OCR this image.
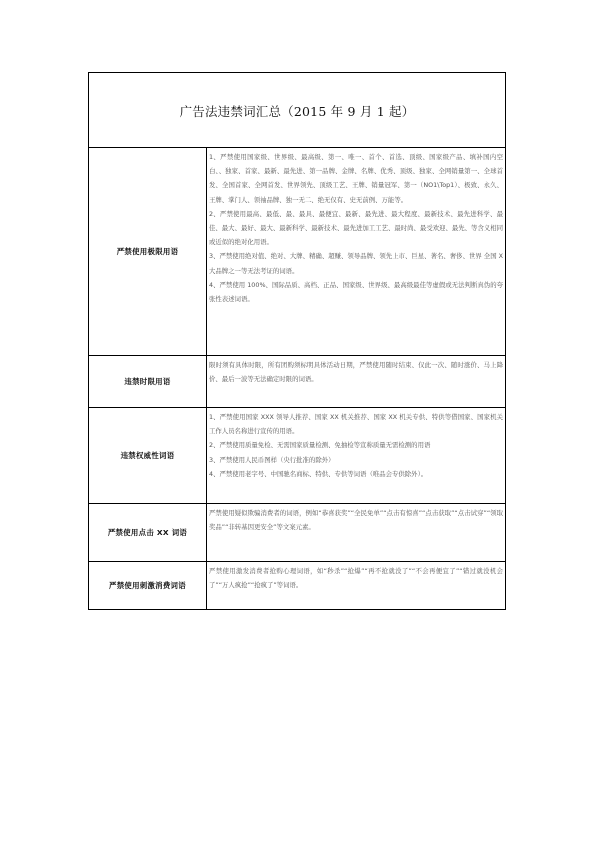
广告法违禁词汇总（2015 年 9 月 1 起）	
严禁使用极限用语	1、严禁使用国家级、世界级、最高级、第一、唯一、首个、首选、顶级、国家级产品、填补国内空白、、独家、首家、最新、最先进、第一品牌、金牌、名牌、优秀、顶级、独家、全网销量第一、全球首发、全国首家、全网首发、世界领先、顶级工艺、王牌、销量冠军、第一（NO1\Top1）、极致、永久、王牌、掌门人、领袖品牌、独一无二、绝无仅有、史无前例、万能等。

2、严禁使用最高、最低、最、最具、最便宜、最新、最先进、最大程度、最新技术、最先进科学、最佳、最大、最好、最大、最新科学、最新技术、最先进加工工艺、最时尚、最受欢迎、最先、等含义相同或近似的绝对化用语。

3、严禁使用绝对值、绝对、大牌、精确、超赚、领导品牌、领先上市、巨星、著名、奢侈、世界 全国 X 大品牌之一等无法考证的词语。

4、严禁使用 100%、国际品质、高档、正品、国家级、世界级、最高级最佳等虚假或无法判断真伪的夸张性表述词语。

违禁时限用语	限时须有具体时限，所有团购须标明具体活动日期，严禁使用随时结束、仅此一次、随时涨价、马上降价、最后一波等无法确定时限的词语。

违禁权威性词语	1、严禁使用国家 XXX 领导人推荐、国家 XX 机关推荐、国家 XX 机关专供、特供等借国家、国家机关工作人员名称进行宣传的用语。

2、严禁使用质量免检、无需国家质量检测、免抽检等宣称质量无需检测的用语

3、严禁使用人民币图样（央行批准的除外）

4、严禁使用老字号、中国驰名商标、特供、专供等词语（唯品会专供除外）。

严禁使用点击 XX 词语	严禁使用疑似欺骗消费者的词语，例如“恭喜获奖”“全民免单”“点击有惊喜”“点击获取”“点击试穿”“领取奖品”“非转基因更安全”等文案元素。

严禁使用刺激消费词语	严禁使用激发消费者抢购心理词语，如“秒杀”“抢爆”“再不抢就没了”“不会再便宜了”“错过就没机会了”“万人疯抢”“抢疯了”等词语。
